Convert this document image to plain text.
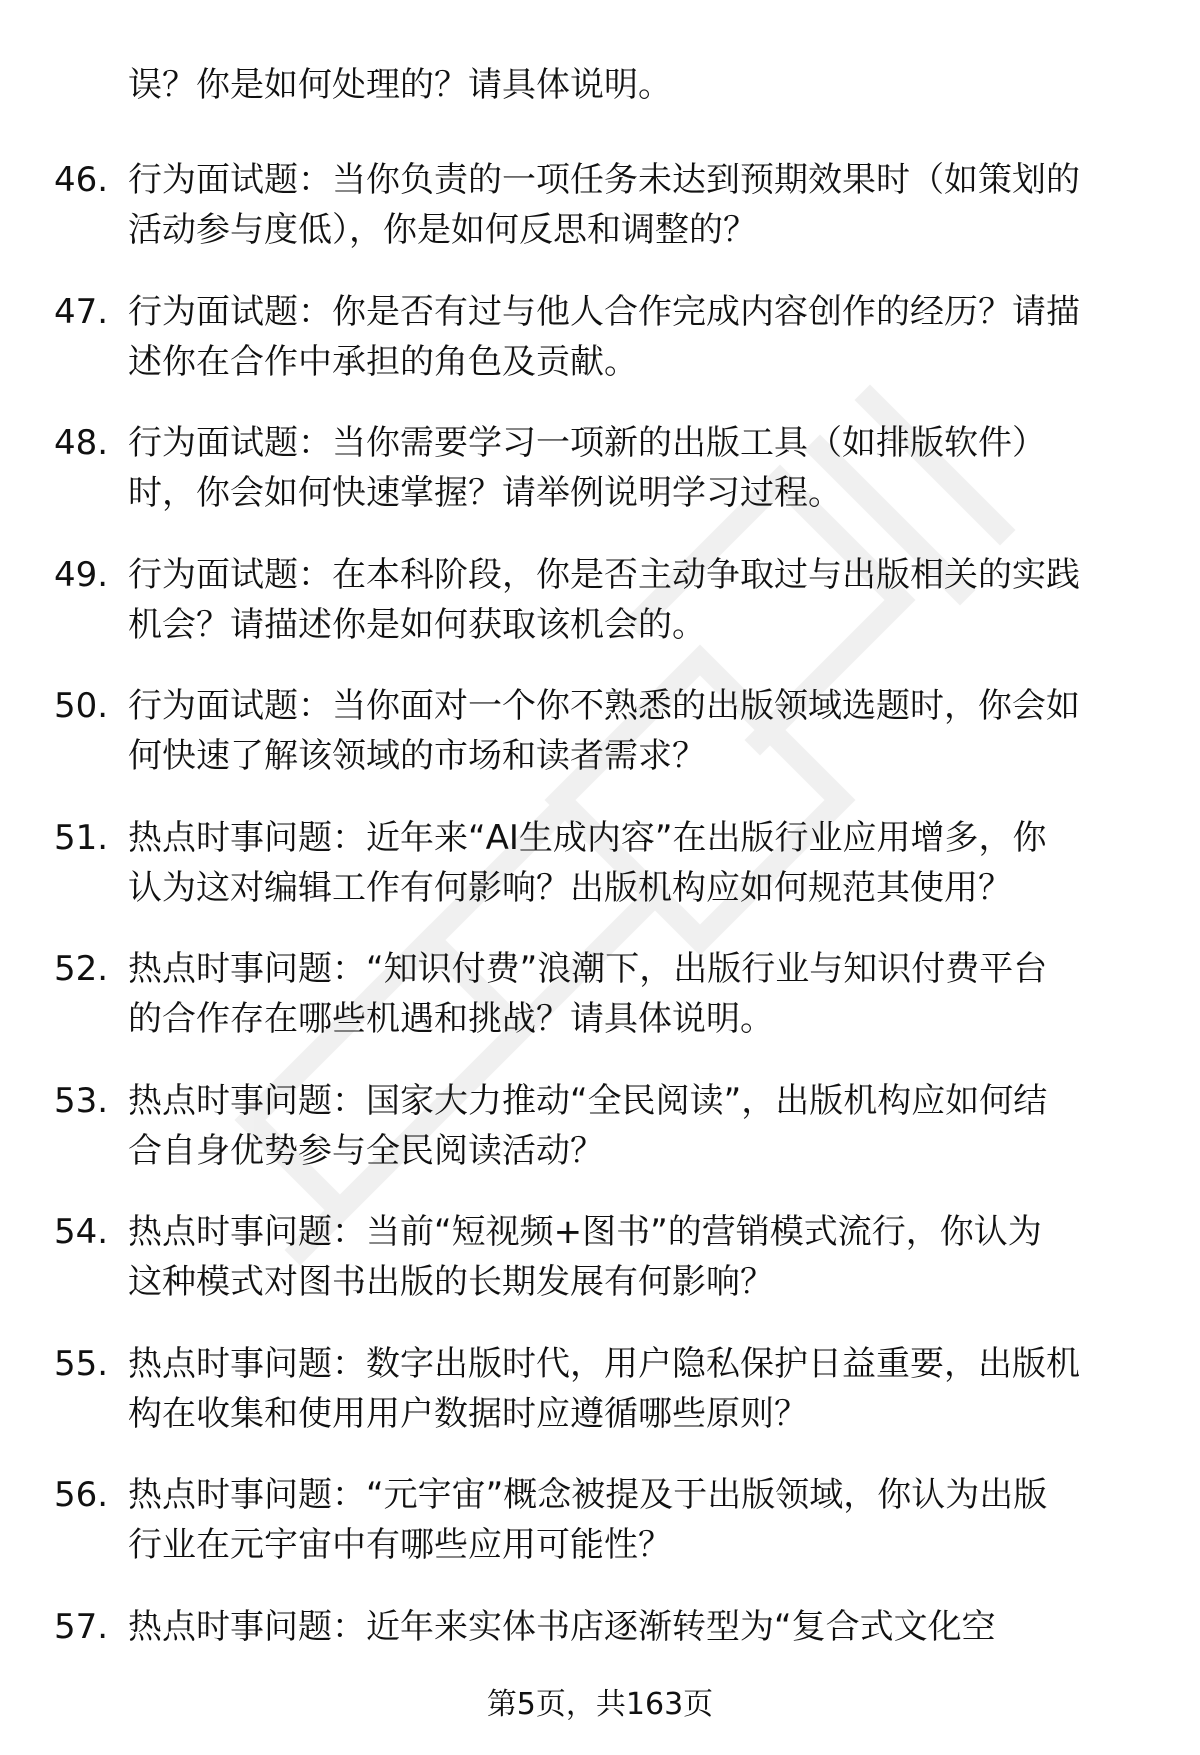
误？你是如何处理的？请具体说明。
46. 行为面试题：当你负责的一项任务未达到预期效果时（如策划的
活动参与度低），你是如何反思和调整的？
47. 行为面试题：你是否有过与他人合作完成内容创作的经历？请描
述你在合作中承担的角色及贡献。
48. 行为面试题：当你需要学习一项新的出版工具（如排版软件）
时，你会如何快速掌握？请举例说明学习过程。
49. 行为面试题：在本科阶段，你是否主动争取过与出版相关的实践
机会？请描述你是如何获取该机会的。
50. 行为面试题：当你面对一个你不熟悉的出版领域选题时，你会如
何快速了解该领域的市场和读者需求？
51. 热点时事问题：近年来“AI生成内容”在出版行业应用增多，你
认为这对编辑工作有何影响？出版机构应如何规范其使用？
52. 热点时事问题：“知识付费”浪潮下，出版行业与知识付费平台
的合作存在哪些机遇和挑战？请具体说明。
53. 热点时事问题：国家大力推动“全民阅读”，出版机构应如何结
合自身优势参与全民阅读活动？
54. 热点时事问题：当前“短视频+图书”的营销模式流行，你认为
这种模式对图书出版的长期发展有何影响？
55. 热点时事问题：数字出版时代，用户隐私保护日益重要，出版机
构在收集和使用用户数据时应遵循哪些原则？
56. 热点时事问题：“元宇宙”概念被提及于出版领域，你认为出版
行业在元宇宙中有哪些应用可能性？
57. 热点时事问题：近年来实体书店逐渐转型为“复合式文化空
第5页，共163页
